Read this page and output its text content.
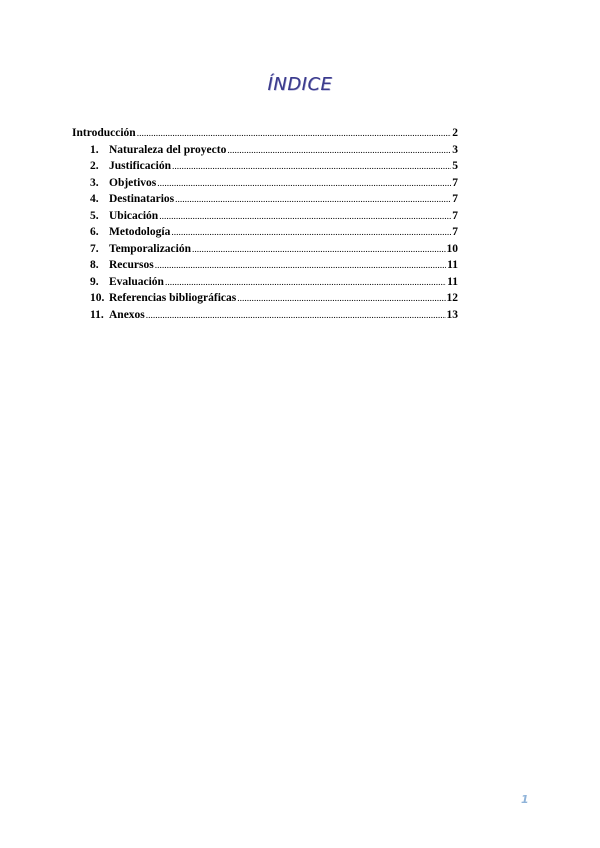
ÍNDICE
Introducción .....	2
1. Naturaleza del proyecto .....	3
2. Justificación .....	5
3. Objetivos .....	7
4. Destinatarios .....	7
5. Ubicación .....	7
6. Metodología .....	7
7. Temporalización .....	10
8. Recursos .....	11
9. Evaluación .....	11
10. Referencias bibliográficas .....	12
11. Anexos .....	13
1
